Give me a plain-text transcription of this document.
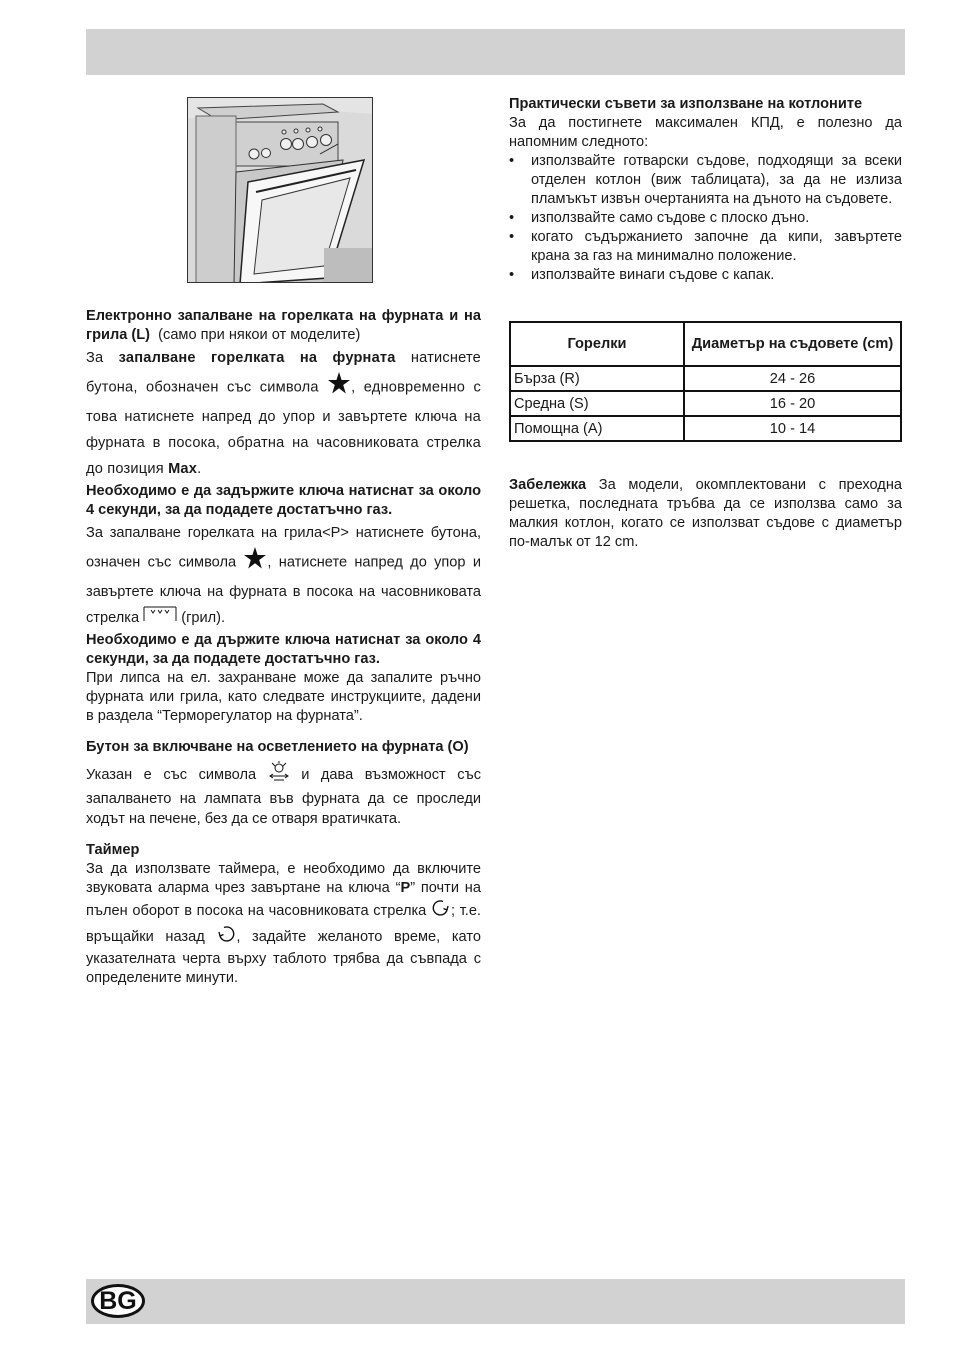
Електронно запалване на горелката на фурната и на грила (L) (само при някои от моделите)

За запалване горелката на фурната натиснете бутона, обозначен със символа , едновременно с това натиснете напред до упор и завъртете ключа на фурната в посока, обратна на часовниковата стрелка до позиция Max.

Необходимо е да задържите ключа натиснат за около 4 секунди, за да подадете достатъчно газ.

За запалване горелката на грила<P> натиснете бутона, означен със символа , натиснете напред до упор и завъртете ключа на фурната в посока на часовниковата стрелка	(грил).

Необходимо е да държите ключа натиснат за около 4 секунди, за да подадете достатъчно газ.

При липса на ел. захранване може да запалите ръчно фурната или грила, като следвате инструкциите, дадени в раздела “Терморегулатор на фурната”.

Бутон за включване на осветлението на фурната (O)

Указан е със символа	и дава възможност със запалването на лампата във фурната да се проследи ходът на печене, без да се отваря вратичката.

Таймер

За да използвате таймера, е необходимо да включите звуковата аларма чрез завъртане на ключа “P” почти на пълен оборот в посока на часовниковата стрелка ; т.е. връщайки назад , задайте желаното време, като указателната черта върху таблото трябва да съвпада с определените минути.

Практически съвети за използване на котлоните

За да постигнете максимален КПД, е полезно да напомним следното:

• използвайте готварски съдове, подходящи за всеки отделен котлон (виж таблицата), за да не излиза пламъкът извън очертанията на дъното на съдовете.
• използвайте само съдове с плоско дъно.
• когато съдържанието започне да кипи, завъртете крана за газ на минимално положение.
• използвайте винаги съдове с капак.
Горелки	Диаметър на съдовете (cm)
Бърза (R)	24 - 26
Средна (S)	16 - 20
Помощна (A)	10 - 14

Забележка За модели, окомплектовани с преходна решетка, последната тръбва да се използва само за малкия котлон, когато се използват съдове с диаметър по-малък от 12 cm.

BG
